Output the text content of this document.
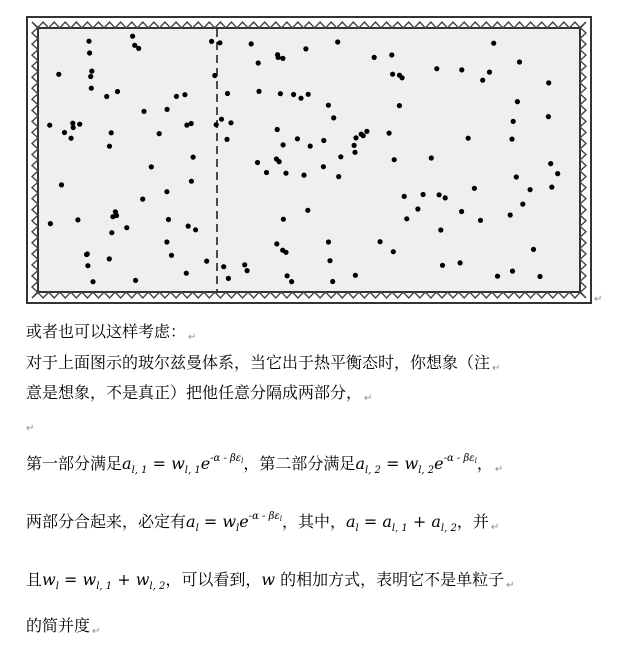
↵
或者也可以这样考虑： ↵
对于上面图示的玻尔兹曼体系，当它出于热平衡态时，你想象（注 ↵
意是想象，不是真正）把他任意分隔成两部分， ↵
↵
第一部分满足$a_{l, 1} = w_{l, 1}e^{-\alpha - \beta\varepsilon_l}$，第二部分满足$a_{l, 2} = w_{l, 2}e^{-\alpha - \beta\varepsilon_l}$， ↵
两部分合起来，必定有$a_l = w_le^{-\alpha - \beta\varepsilon_l}$，其中，$a_l = a_{l, 1} + a_{l, 2}$，并 ↵
且$w_l = w_{l, 1} + w_{l, 2}$，可以看到，w 的相加方式，表明它不是单粒子 ↵
的简并度 ↵
